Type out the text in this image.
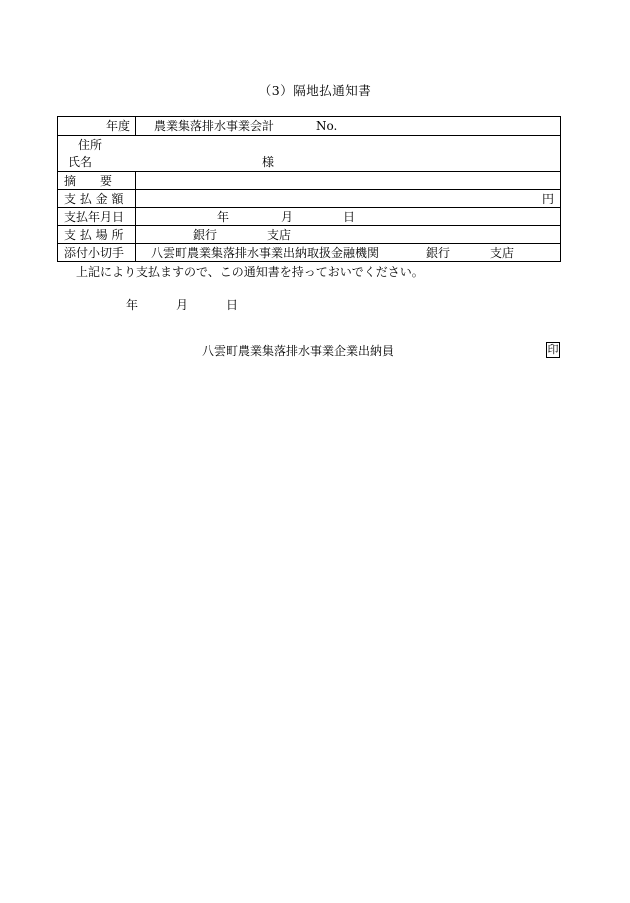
（3）隔地払通知書
年度	農業集落排水事業会計	No.
住所
氏名	様
摘　　要
支 払 金 額	円
支払年月日	年	月	日
支 払 場 所	銀行	支店
添付小切手	八雲町農業集落排水事業出納取扱金融機関	銀行	支店
上記により支払ますので、この通知書を持っておいでください。
年	月	日
八雲町農業集落排水事業企業出納員	印
